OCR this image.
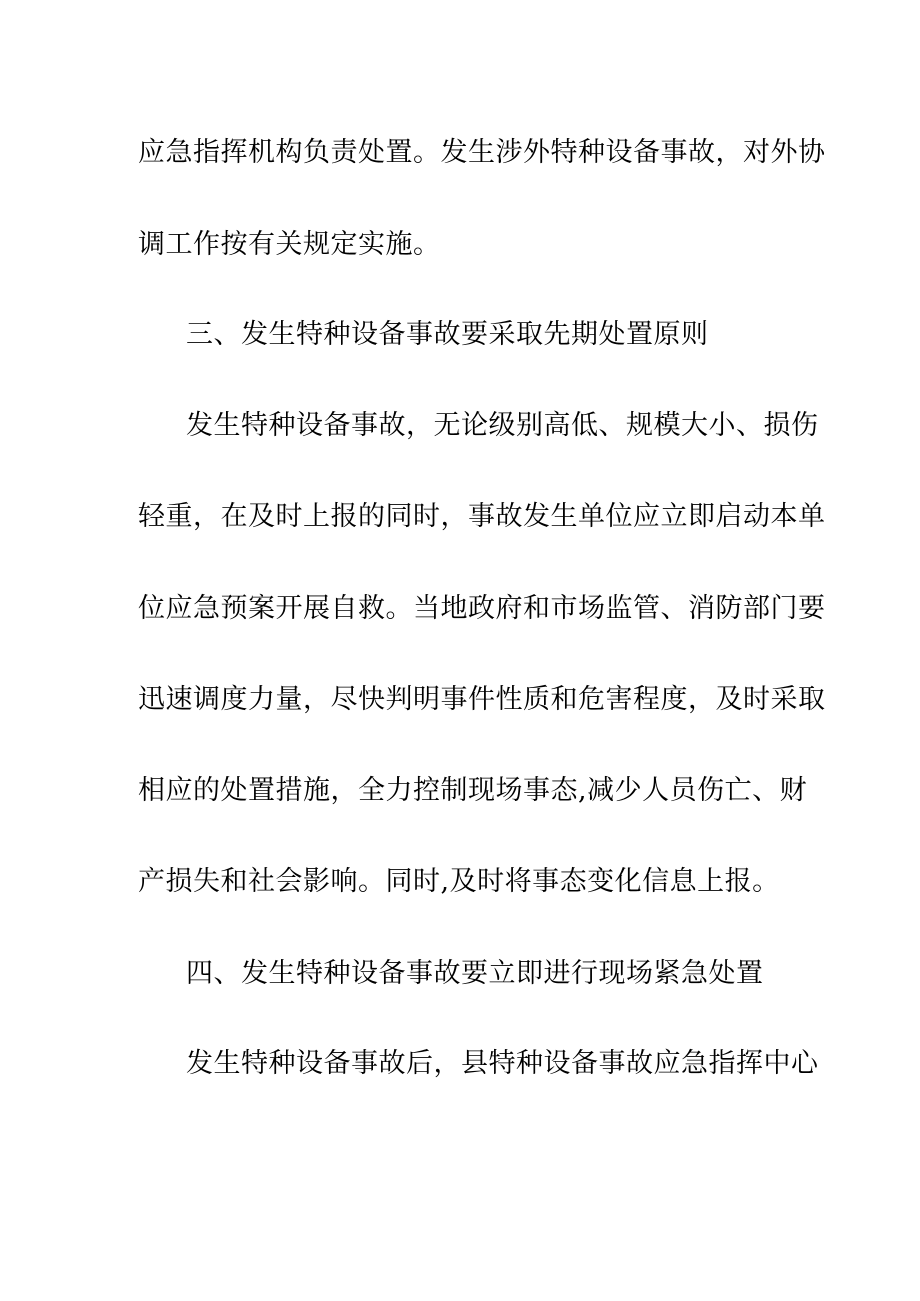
应急指挥机构负责处置。发生涉外特种设备事故，对外协
调工作按有关规定实施。
三、发生特种设备事故要采取先期处置原则
发生特种设备事故，无论级别高低、规模大小、损伤
轻重，在及时上报的同时，事故发生单位应立即启动本单
位应急预案开展自救。当地政府和市场监管、消防部门要
迅速调度力量，尽快判明事件性质和危害程度，及时采取
相应的处置措施，全力控制现场事态,减少人员伤亡、财
产损失和社会影响。同时,及时将事态变化信息上报。
四、发生特种设备事故要立即进行现场紧急处置
发生特种设备事故后，县特种设备事故应急指挥中心
